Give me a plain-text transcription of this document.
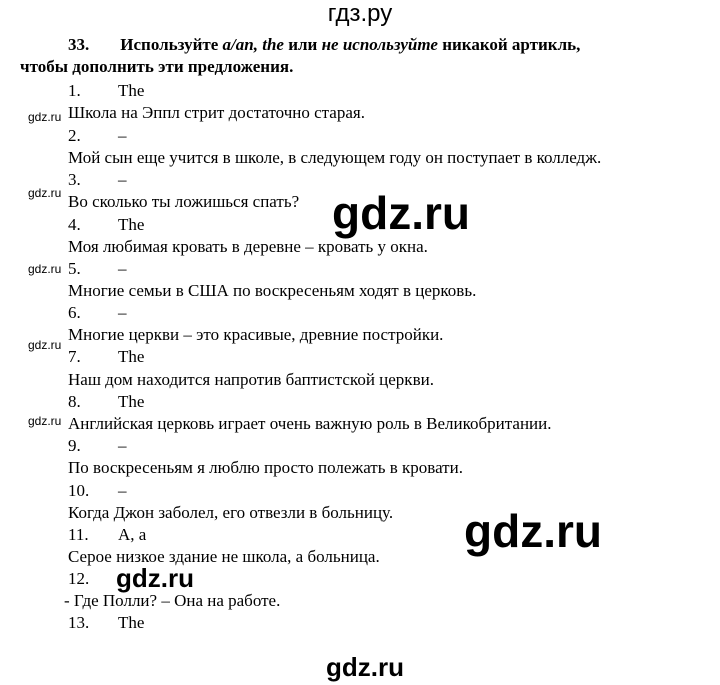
гдз.ру
33. Используйте a/an, the или не используйте никакой артикль,
чтобы дополнить эти предложения.
1. The
Школа на Эппл стрит достаточно старая.
2. –
Мой сын еще учится в школе, в следующем году он поступает в колледж.
3. –
Во сколько ты ложишься спать?
4. The
Моя любимая кровать в деревне – кровать у окна.
5. –
Многие семьи в США по воскресеньям ходят в церковь.
6. –
Многие церкви – это красивые, древние постройки.
7. The
Наш дом находится напротив баптистской церкви.
8. The
Английская церковь играет очень важную роль в Великобритании.
9. –
По воскресеньям я люблю просто полежать в кровати.
10. –
Когда Джон заболел, его отвезли в больницу.
11. A, a
Серое низкое здание не школа, а больница.
12.
- Где Полли? – Она на работе.
13. The
gdz.ru
gdz.ru
gdz.ru
gdz.ru
gdz.ru
gdz.ru
gdz.ru
gdz.ru
gdz.ru
